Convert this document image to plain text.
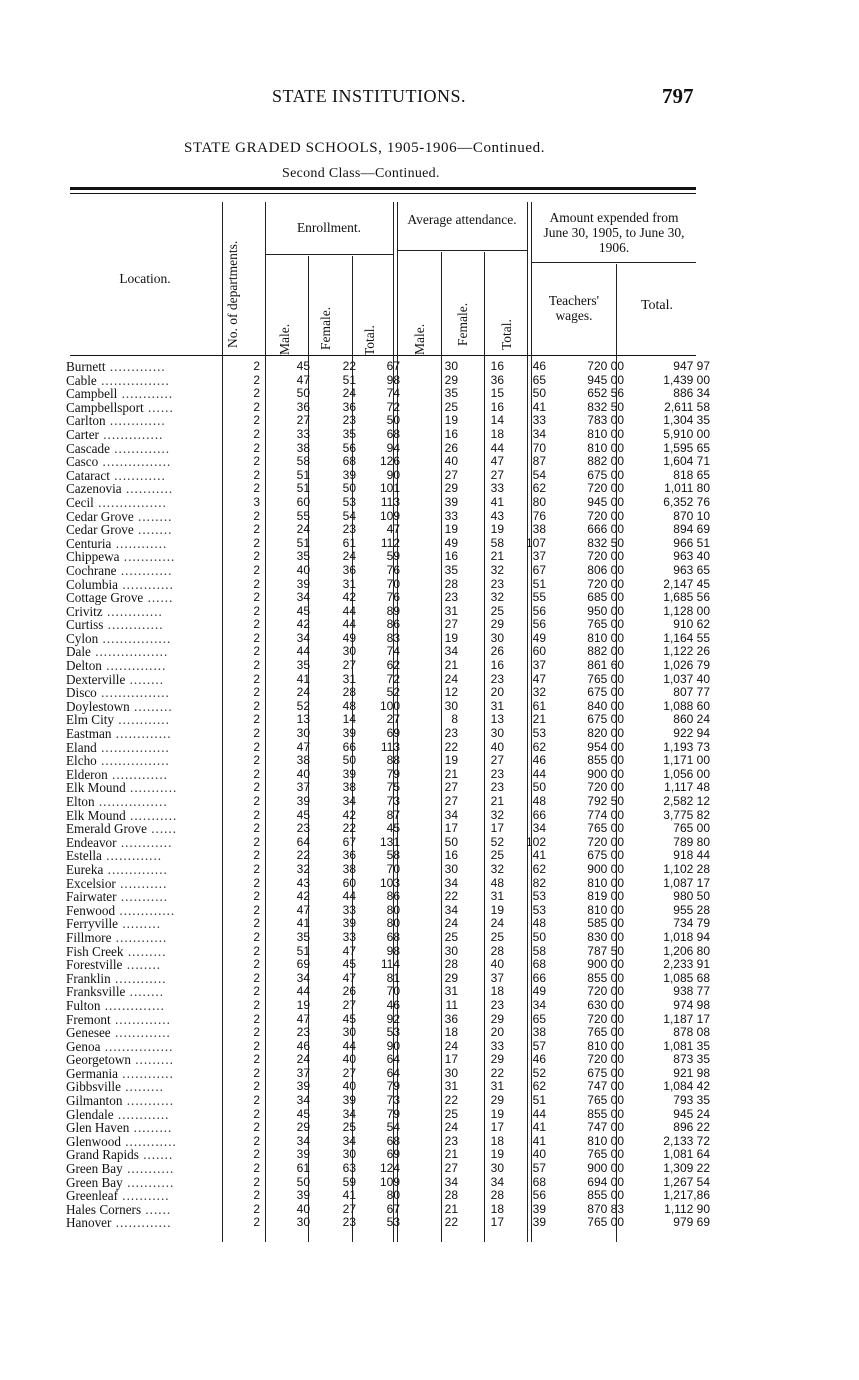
STATE INSTITUTIONS.	797
STATE GRADED SCHOOLS, 1905-1906—Continued.
Second Class—Continued.
Location.	No. of departments.
Enrollment.
Average attendance.	Amount expended from June 30, 1905, to June 30, 1906.
Male. Female. Total.	Male. Female. Total.
Teachers' wages.
Total.
Burnett .............	2	45	22	67	30	16	46	720 00	947 97
Cable ................	2	47	51	98	29	36	65	945 00	1,439 00
Campbell ............	2	50	24	74	35	15	50	652 56	886 34
Campbellsport ......	2	36	36	72	25	16	41	832 50	2,611 58
Carlton .............	2	27	23	50	19	14	33	783 00	1,304 35
Carter ..............	2	33	35	68	16	18	34	810 00	5,910 00
Cascade .............	2	38	56	94	26	44	70	810 00	1,595 65
Casco ................	2	58	68	126	40	47	87	882 00	1,604 71
Cataract ............	2	51	39	90	27	27	54	675 00	818 65
Cazenovia ...........	2	51	50	101	29	33	62	720 00	1,011 80
Cecil ................	3	60	53	113	39	41	80	945 00	6,352 76
Cedar Grove ........	2	55	54	109	33	43	76	720 00	870 10
Cedar Grove ........	2	24	23	47	19	19	38	666 00	894 69
Centuria ............	2	51	61	112	49	58	107	832 50	966 51
Chippewa ............	2	35	24	59	16	21	37	720 00	963 40
Cochrane ............	2	40	36	76	35	32	67	806 00	963 65
Columbia ............	2	39	31	70	28	23	51	720 00	2,147 45
Cottage Grove ......	2	34	42	76	23	32	55	685 00	1,685 56
Crivitz .............	2	45	44	89	31	25	56	950 00	1,128 00
Curtiss .............	2	42	44	86	27	29	56	765 00	910 62
Cylon ................	2	34	49	83	19	30	49	810 00	1,164 55
Dale .................	2	44	30	74	34	26	60	882 00	1,122 26
Delton ..............	2	35	27	62	21	16	37	861 60	1,026 79
Dexterville ........	2	41	31	72	24	23	47	765 00	1,037 40
Disco ................	2	24	28	52	12	20	32	675 00	807 77
Doylestown .........	2	52	48	100	30	31	61	840 00	1,088 60
Elm City ............	2	13	14	27	8	13	21	675 00	860 24
Eastman .............	2	30	39	69	23	30	53	820 00	922 94
Eland ................	2	47	66	113	22	40	62	954 00	1,193 73
Elcho ................	2	38	50	88	19	27	46	855 00	1,171 00
Elderon .............	2	40	39	79	21	23	44	900 00	1,056 00
Elk Mound ...........	2	37	38	75	27	23	50	720 00	1,117 48
Elton ................	2	39	34	73	27	21	48	792 50	2,582 12
Elk Mound ...........	2	45	42	87	34	32	66	774 00	3,775 82
Emerald Grove ......	2	23	22	45	17	17	34	765 00	765 00
Endeavor ............	2	64	67	131	50	52	102	720 00	789 80
Estella .............	2	22	36	58	16	25	41	675 00	918 44
Eureka ..............	2	32	38	70	30	32	62	900 00	1,102 28
Excelsior ...........	2	43	60	103	34	48	82	810 00	1,087 17
Fairwater ...........	2	42	44	86	22	31	53	819 00	980 50
Fenwood .............	2	47	33	80	34	19	53	810 00	955 28
Ferryville .........	2	41	39	80	24	24	48	585 00	734 79
Fillmore ............	2	35	33	68	25	25	50	830 00	1,018 94
Fish Creek .........	2	51	47	98	30	28	58	787 50	1,206 80
Forestville ........	2	69	45	114	28	40	68	900 00	2,233 91
Franklin ............	2	34	47	81	29	37	66	855 00	1,085 68
Franksville ........	2	44	26	70	31	18	49	720 00	938 77
Fulton ..............	2	19	27	46	11	23	34	630 00	974 98
Fremont .............	2	47	45	92	36	29	65	720 00	1,187 17
Genesee .............	2	23	30	53	18	20	38	765 00	878 08
Genoa ................	2	46	44	90	24	33	57	810 00	1,081 35
Georgetown .........	2	24	40	64	17	29	46	720 00	873 35
Germania ............	2	37	27	64	30	22	52	675 00	921 98
Gibbsville .........	2	39	40	79	31	31	62	747 00	1,084 42
Gilmanton ...........	2	34	39	73	22	29	51	765 00	793 35
Glendale ............	2	45	34	79	25	19	44	855 00	945 24
Glen Haven .........	2	29	25	54	24	17	41	747 00	896 22
Glenwood ............	2	34	34	68	23	18	41	810 00	2,133 72
Grand Rapids .......	2	39	30	69	21	19	40	765 00	1,081 64
Green Bay ...........	2	61	63	124	27	30	57	900 00	1,309 22
Green Bay ...........	2	50	59	109	34	34	68	694 00	1,267 54
Greenleaf ...........	2	39	41	80	28	28	56	855 00	1,217,86
Hales Corners ......	2	40	27	67	21	18	39	870 83	1,112 90
Hanover .............	2	30	23	53	22	17	39	765 00	979 69
